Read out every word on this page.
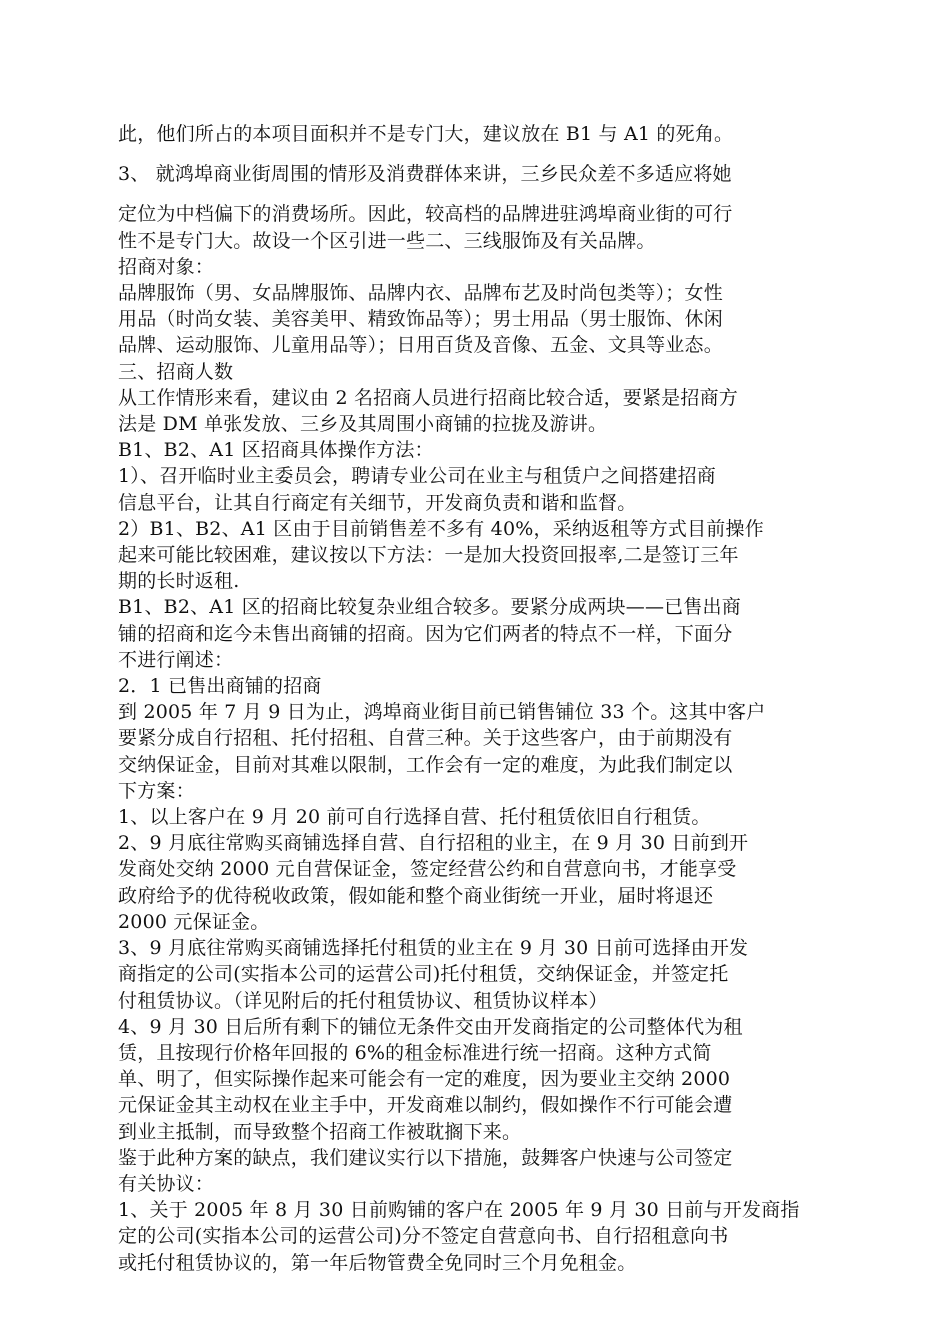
此，他们所占的本项目面积并不是专门大，建议放在 B1 与 A1 的死角。
3、 就鸿埠商业街周围的情形及消费群体来讲，三乡民众差不多适应将她
定位为中档偏下的消费场所。因此，较高档的品牌进驻鸿埠商业街的可行
性不是专门大。故设一个区引进一些二、三线服饰及有关品牌。
招商对象：
品牌服饰（男、女品牌服饰、品牌内衣、品牌布艺及时尚包类等）；女性
用品（时尚女装、美容美甲、精致饰品等）；男士用品（男士服饰、休闲
品牌、运动服饰、儿童用品等）；日用百货及音像、五金、文具等业态。
三、招商人数
从工作情形来看，建议由 2 名招商人员进行招商比较合适，要紧是招商方
法是 DM 单张发放、三乡及其周围小商铺的拉拢及游讲。
B1、B2、A1 区招商具体操作方法：
1）、召开临时业主委员会，聘请专业公司在业主与租赁户之间搭建招商
信息平台，让其自行商定有关细节，开发商负责和谐和监督。
2）B1、B2、A1 区由于目前销售差不多有 40%，采纳返租等方式目前操作
起来可能比较困难，建议按以下方法：一是加大投资回报率,二是签订三年
期的长时返租.
B1、B2、A1 区的招商比较复杂业组合较多。要紧分成两块——已售出商
铺的招商和迄今未售出商铺的招商。因为它们两者的特点不一样，下面分
不进行阐述：
2．1 已售出商铺的招商
到 2005 年 7 月 9 日为止，鸿埠商业街目前已销售铺位 33 个。这其中客户
要紧分成自行招租、托付招租、自营三种。关于这些客户，由于前期没有
交纳保证金，目前对其难以限制，工作会有一定的难度，为此我们制定以
下方案：
1、以上客户在 9 月 20 前可自行选择自营、托付租赁依旧自行租赁。
2、9 月底往常购买商铺选择自营、自行招租的业主，在 9 月 30 日前到开
发商处交纳 2000 元自营保证金，签定经营公约和自营意向书，才能享受
政府给予的优待税收政策，假如能和整个商业街统一开业，届时将退还
2000 元保证金。
3、9 月底往常购买商铺选择托付租赁的业主在 9 月 30 日前可选择由开发
商指定的公司(实指本公司的运营公司)托付租赁，交纳保证金，并签定托
付租赁协议。（详见附后的托付租赁协议、租赁协议样本）
4、9 月 30 日后所有剩下的铺位无条件交由开发商指定的公司整体代为租
赁，且按现行价格年回报的 6%的租金标准进行统一招商。这种方式简
单、明了，但实际操作起来可能会有一定的难度，因为要业主交纳 2000
元保证金其主动权在业主手中，开发商难以制约，假如操作不行可能会遭
到业主抵制，而导致整个招商工作被耽搁下来。
鉴于此种方案的缺点，我们建议实行以下措施，鼓舞客户快速与公司签定
有关协议：
1、关于 2005 年 8 月 30 日前购铺的客户在 2005 年 9 月 30 日前与开发商指
定的公司(实指本公司的运营公司)分不签定自营意向书、自行招租意向书
或托付租赁协议的，第一年后物管费全免同时三个月免租金。
